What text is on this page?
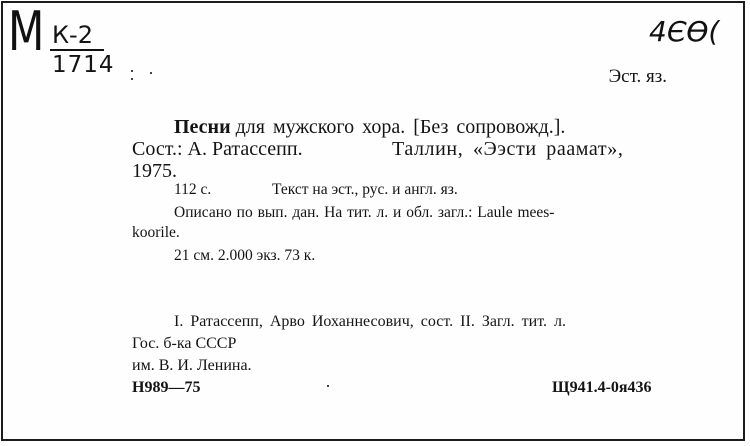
М К-2
1714
4ЄӨ(
Эст. яз.
Песни для мужского хора. [Без сопровожд.].
Сост.: А. Ратассепп.	Таллин, «Ээсти раамат»,
1975.
112 с.	Текст на эст., рус. и англ. яз.
Описано по вып. дан. На тит. л. и обл. загл.: Laule mees-
koorile.
21 см. 2.000 экз. 73 к.
I. Ратассепп, Арво Иоханнесович, сост. II. Загл. тит. л.
Гос. б-ка СССР
им. В. И. Ленина.
Н989—75	Щ941.4-0я436
